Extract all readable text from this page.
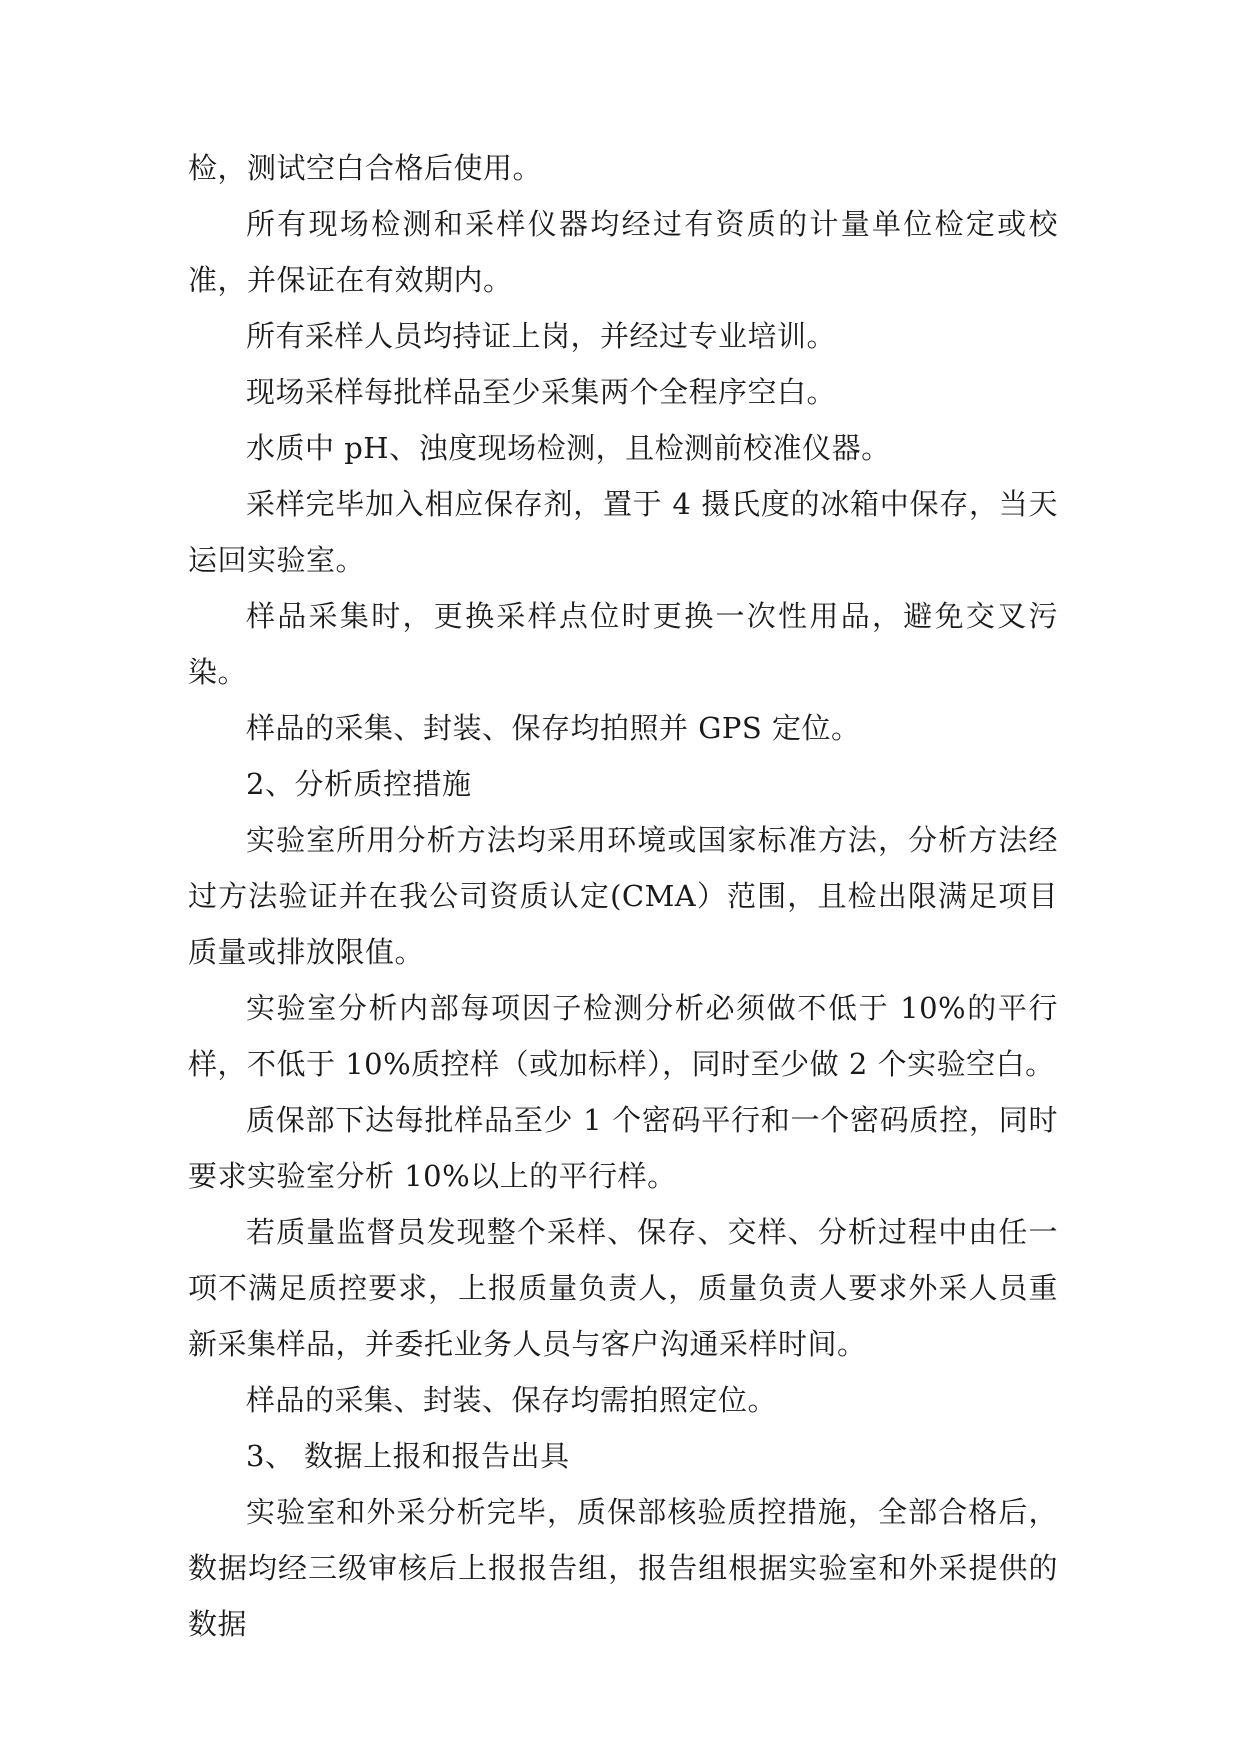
检，测试空白合格后使用。

所有现场检测和采样仪器均经过有资质的计量单位检定或校准，并保证在有效期内。

所有采样人员均持证上岗，并经过专业培训。

现场采样每批样品至少采集两个全程序空白。

水质中 pH、浊度现场检测，且检测前校准仪器。

采样完毕加入相应保存剂，置于 4 摄氏度的冰箱中保存，当天运回实验室。

样品采集时，更换采样点位时更换一次性用品，避免交叉污染。

样品的采集、封装、保存均拍照并 GPS 定位。

2、分析质控措施

实验室所用分析方法均采用环境或国家标准方法，分析方法经过方法验证并在我公司资质认定(CMA）范围，且检出限满足项目质量或排放限值。

实验室分析内部每项因子检测分析必须做不低于 10%的平行样，不低于 10%质控样（或加标样），同时至少做 2 个实验空白。

质保部下达每批样品至少 1 个密码平行和一个密码质控，同时要求实验室分析 10%以上的平行样。

若质量监督员发现整个采样、保存、交样、分析过程中由任一项不满足质控要求，上报质量负责人，质量负责人要求外采人员重新采集样品，并委托业务人员与客户沟通采样时间。

样品的采集、封装、保存均需拍照定位。

3、 数据上报和报告出具

实验室和外采分析完毕，质保部核验质控措施，全部合格后，数据均经三级审核后上报报告组，报告组根据实验室和外采提供的数据
